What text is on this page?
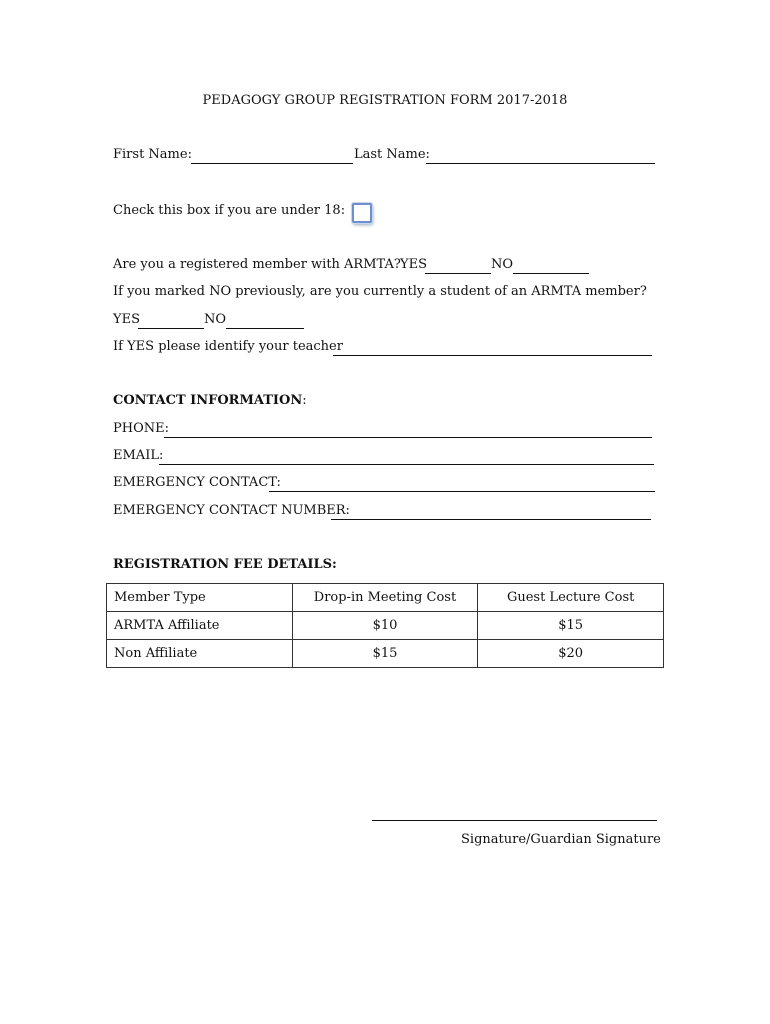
PEDAGOGY GROUP REGISTRATION FORM 2017-2018
First Name:	Last Name:
Check this box if you are under 18:
Are you a registered member with ARMTA? YES	NO
If you marked NO previously, are you currently a student of an ARMTA member?
YES	NO
If YES please identify your teacher
CONTACT INFORMATION:
PHONE:
EMAIL:
EMERGENCY CONTACT:
EMERGENCY CONTACT NUMBER:
REGISTRATION FEE DETAILS:
Member Type	Drop-in Meeting Cost	Guest Lecture Cost
ARMTA Affiliate	$10	$15
Non Affiliate	$15	$20
Signature/Guardian Signature
